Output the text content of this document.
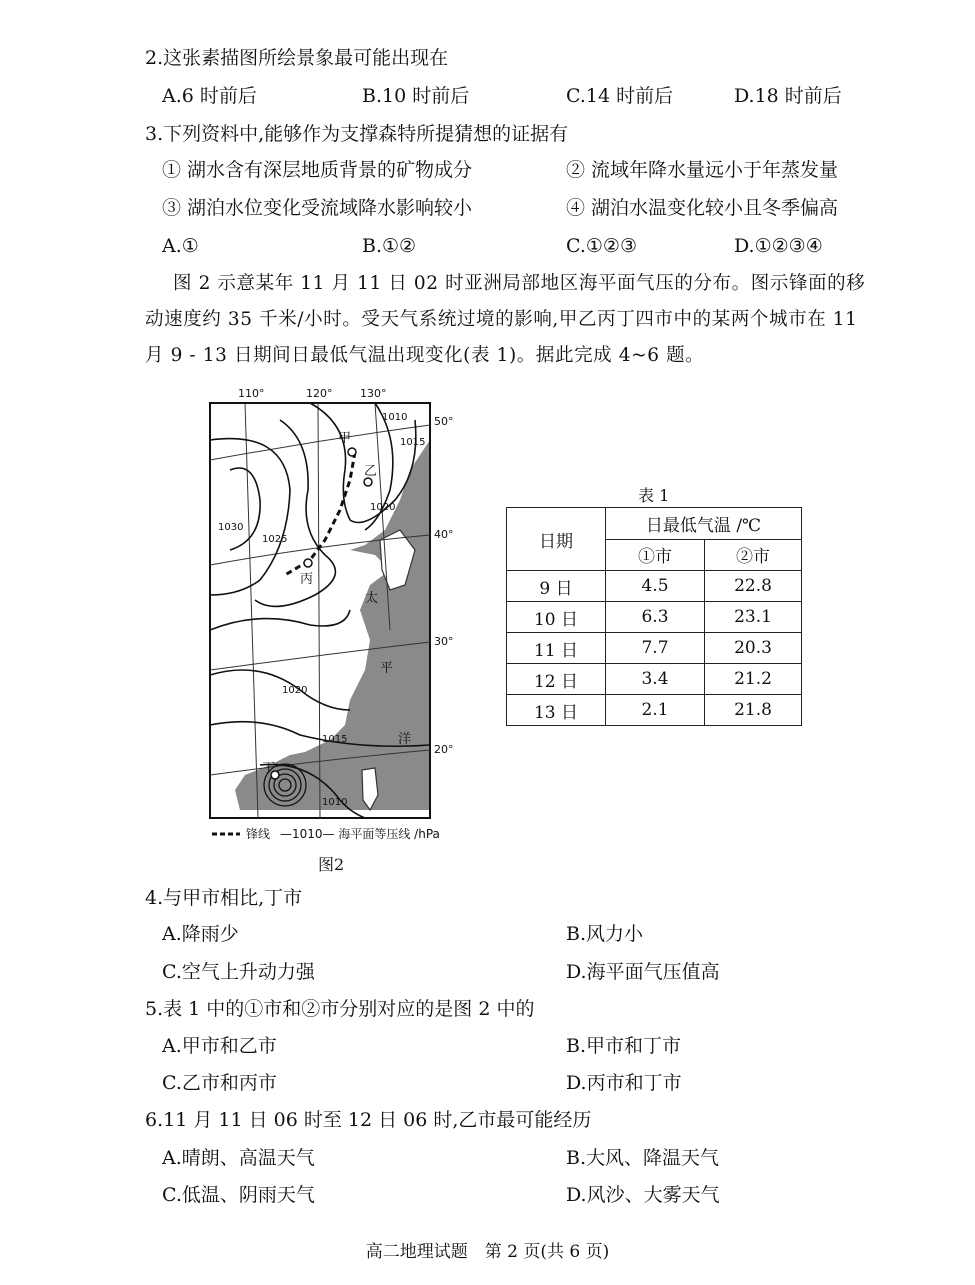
2.这张素描图所绘景象最可能出现在
A.6 时前后	B.10 时前后	C.14 时前后	D.18 时前后
3.下列资料中,能够作为支撑森特所提猜想的证据有
① 湖水含有深层地质背景的矿物成分	② 流域年降水量远小于年蒸发量
③ 湖泊水位变化受流域降水影响较小	④ 湖泊水温变化较小且冬季偏高
A.①	B.①②	C.①②③	D.①②③④
图 2 示意某年 11 月 11 日 02 时亚洲局部地区海平面气压的分布。图示锋面的移动速度约 35 千米/小时。受天气系统过境的影响,甲乙丙丁四市中的某两个城市在 11 月 9 - 13 日期间日最低气温出现变化(表 1)。据此完成 4~6 题。
110°	120°	130° 50° 40° 30° 20°
1010 1015 1020 1025 1030 1020 1015 1010
甲 乙 丙 丁
太 平 洋
锋线 —1010— 海平面等压线 /hPa
图2
表 1
日期	日最低气温 /℃	
	①市	②市
9 日	4.5	22.8
10 日	6.3	23.1
11 日	7.7	20.3
12 日	3.4	21.2
13 日	2.1	21.8
4.与甲市相比,丁市
A.降雨少	B.风力小
C.空气上升动力强	D.海平面气压值高
5.表 1 中的①市和②市分别对应的是图 2 中的
A.甲市和乙市	B.甲市和丁市
C.乙市和丙市	D.丙市和丁市
6.11 月 11 日 06 时至 12 日 06 时,乙市最可能经历
A.晴朗、高温天气	B.大风、降温天气
C.低温、阴雨天气	D.风沙、大雾天气
高二地理试题　第 2 页(共 6 页)
